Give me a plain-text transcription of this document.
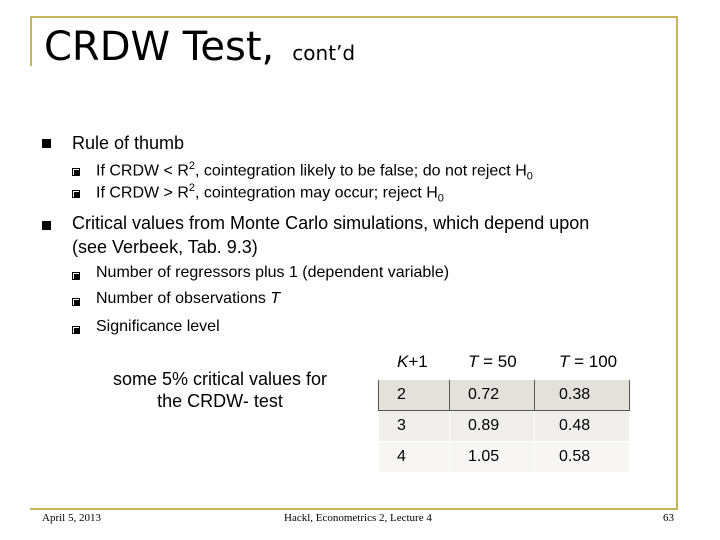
CRDW Test, cont’d
Rule of thumb
If CRDW < $R^2$, cointegration likely to be false; do not reject $H_0$
If CRDW > $R^2$, cointegration may occur; reject $H_0$
Critical values from Monte Carlo simulations, which depend upon
(see Verbeek, Tab. 9.3)
Number of regressors plus 1 (dependent variable)
Number of observations T
Significance level
some 5% critical values for the CRDW- test
K+1	T = 50	T = 100
2	0.72	0.38
3	0.89	0.48
4	1.05	0.58
April 5, 2013	Hackl, Econometrics 2, Lecture 4	63
